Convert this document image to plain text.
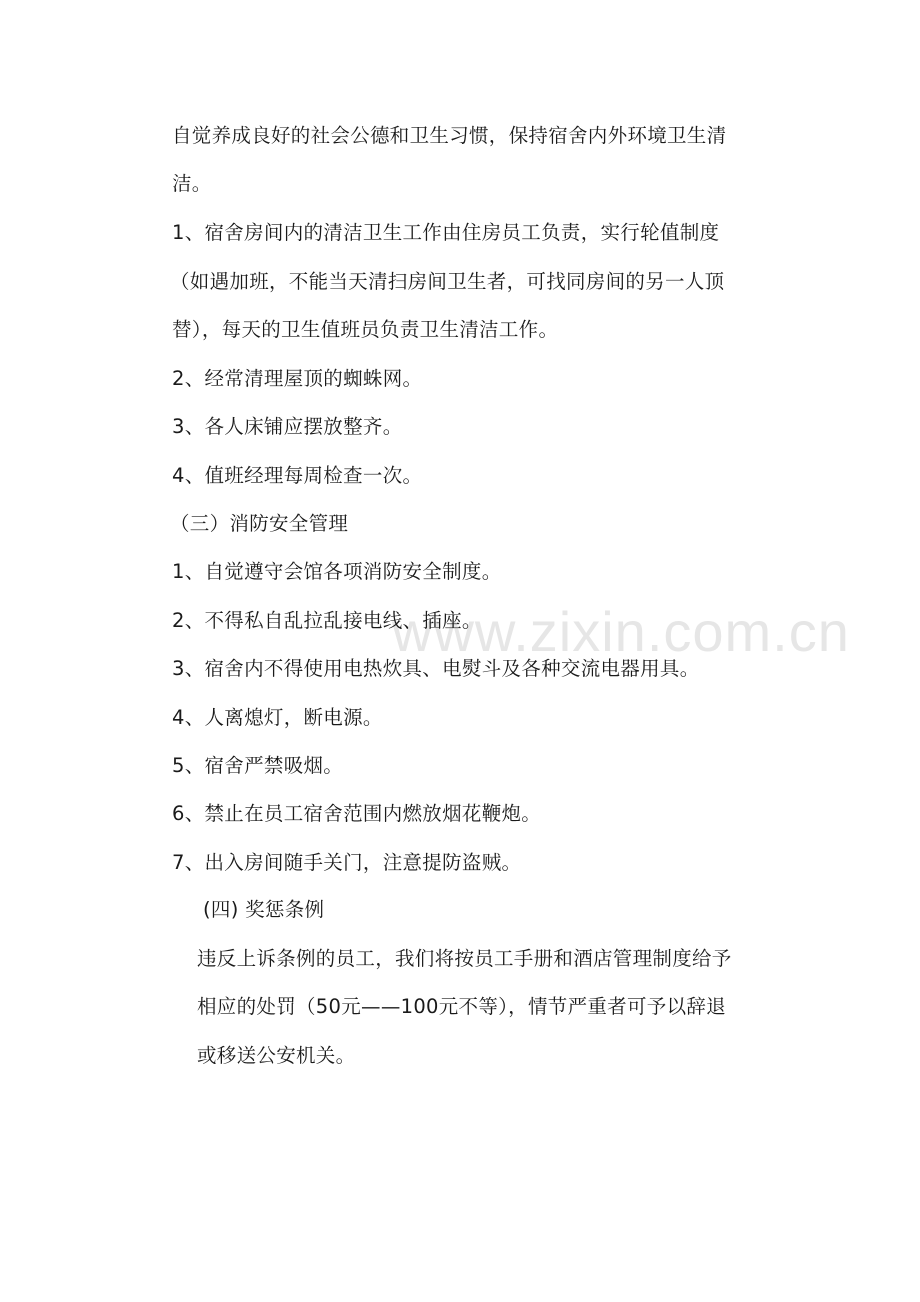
www.zixin.com.cn
自觉养成良好的社会公德和卫生习惯，保持宿舍内外环境卫生清
洁。
1、宿舍房间内的清洁卫生工作由住房员工负责，实行轮值制度
（如遇加班，不能当天清扫房间卫生者，可找同房间的另一人顶
替），每天的卫生值班员负责卫生清洁工作。
2、经常清理屋顶的蜘蛛网。
3、各人床铺应摆放整齐。
4、值班经理每周检查一次。
（三）消防安全管理
1、自觉遵守会馆各项消防安全制度。
2、不得私自乱拉乱接电线、插座。
3、宿舍内不得使用电热炊具、电熨斗及各种交流电器用具。
4、人离熄灯，断电源。
5、宿舍严禁吸烟。
6、禁止在员工宿舍范围内燃放烟花鞭炮。
7、出入房间随手关门，注意提防盗贼。
(四) 奖惩条例
违反上诉条例的员工，我们将按员工手册和酒店管理制度给予
相应的处罚（50元——100元不等），情节严重者可予以辞退
或移送公安机关。
